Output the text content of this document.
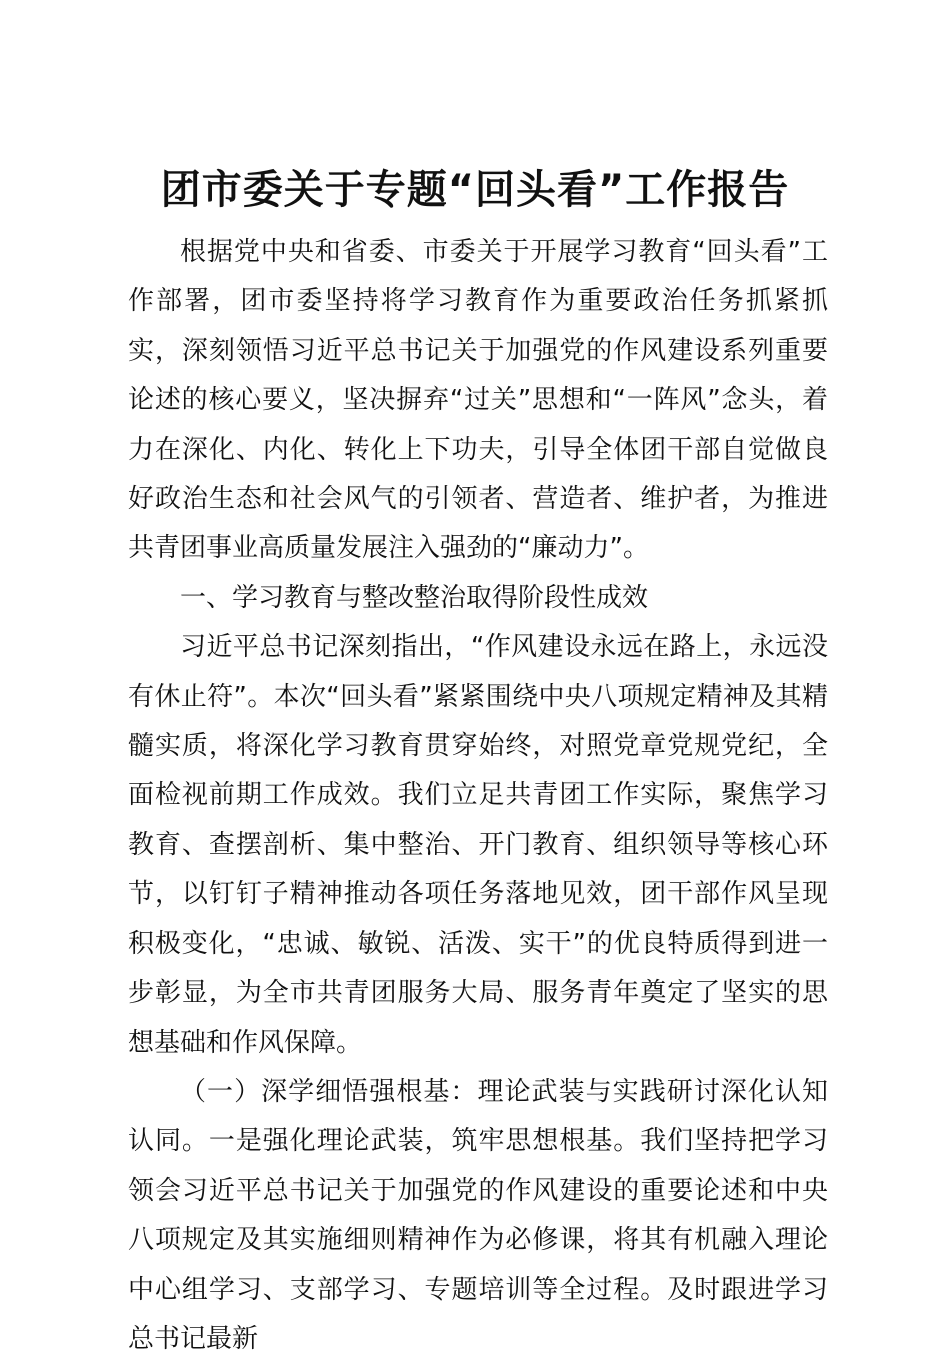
团市委关于专题“回头看”工作报告

根据党中央和省委、市委关于开展学习教育“回头看”工作部署，团市委坚持将学习教育作为重要政治任务抓紧抓实，深刻领悟习近平总书记关于加强党的作风建设系列重要论述的核心要义，坚决摒弃“过关”思想和“一阵风”念头，着力在深化、内化、转化上下功夫，引导全体团干部自觉做良好政治生态和社会风气的引领者、营造者、维护者，为推进共青团事业高质量发展注入强劲的“廉动力”。

一、学习教育与整改整治取得阶段性成效

习近平总书记深刻指出，“作风建设永远在路上，永远没有休止符”。本次“回头看”紧紧围绕中央八项规定精神及其精髓实质，将深化学习教育贯穿始终，对照党章党规党纪，全面检视前期工作成效。我们立足共青团工作实际，聚焦学习教育、查摆剖析、集中整治、开门教育、组织领导等核心环节，以钉钉子精神推动各项任务落地见效，团干部作风呈现积极变化，“忠诚、敏锐、活泼、实干”的优良特质得到进一步彰显，为全市共青团服务大局、服务青年奠定了坚实的思想基础和作风保障。

（一）深学细悟强根基：理论武装与实践研讨深化认知认同。一是强化理论武装，筑牢思想根基。我们坚持把学习领会习近平总书记关于加强党的作风建设的重要论述和中央八项规定及其实施细则精神作为必修课，将其有机融入理论中心组学习、支部学习、专题培训等全过程。及时跟进学习总书记最新
